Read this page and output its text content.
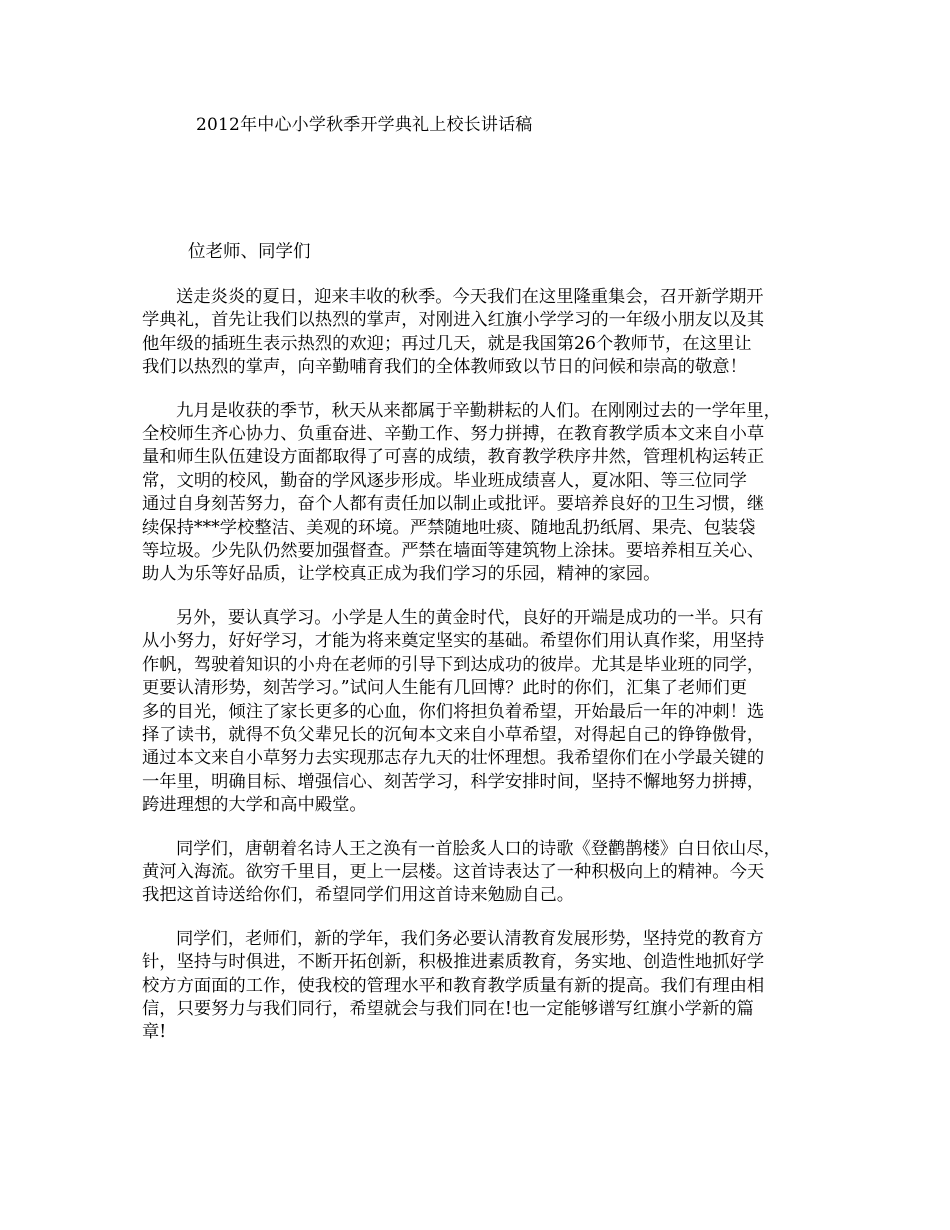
2012年中心小学秋季开学典礼上校长讲话稿
位老师、同学们
送走炎炎的夏日，迎来丰收的秋季。今天我们在这里隆重集会，召开新学期开
学典礼，首先让我们以热烈的掌声，对刚进入红旗小学学习的一年级小朋友以及其
他年级的插班生表示热烈的欢迎；再过几天，就是我国第26个教师节，在这里让
我们以热烈的掌声，向辛勤哺育我们的全体教师致以节日的问候和崇高的敬意！
九月是收获的季节，秋天从来都属于辛勤耕耘的人们。在刚刚过去的一学年里，
全校师生齐心协力、负重奋进、辛勤工作、努力拼搏，在教育教学质本文来自小草
量和师生队伍建设方面都取得了可喜的成绩，教育教学秩序井然，管理机构运转正
常，文明的校风，勤奋的学风逐步形成。毕业班成绩喜人，夏冰阳、等三位同学
通过自身刻苦努力，奋个人都有责任加以制止或批评。要培养良好的卫生习惯，继
续保持***学校整洁、美观的环境。严禁随地吐痰、随地乱扔纸屑、果壳、包装袋
等垃圾。少先队仍然要加强督查。严禁在墙面等建筑物上涂抹。要培养相互关心、
助人为乐等好品质，让学校真正成为我们学习的乐园，精神的家园。
另外，要认真学习。小学是人生的黄金时代，良好的开端是成功的一半。只有
从小努力，好好学习，才能为将来奠定坚实的基础。希望你们用认真作桨，用坚持
作帆，驾驶着知识的小舟在老师的引导下到达成功的彼岸。尤其是毕业班的同学，
更要认清形势，刻苦学习。”试问人生能有几回博？此时的你们，汇集了老师们更
多的目光，倾注了家长更多的心血，你们将担负着希望，开始最后一年的冲刺！选
择了读书，就得不负父辈兄长的沉甸本文来自小草希望，对得起自己的铮铮傲骨，
通过本文来自小草努力去实现那志存九天的壮怀理想。我希望你们在小学最关键的
一年里，明确目标、增强信心、刻苦学习，科学安排时间，坚持不懈地努力拼搏，
跨进理想的大学和高中殿堂。
同学们，唐朝着名诗人王之涣有一首脍炙人口的诗歌《登鹳鹊楼》白日依山尽，
黄河入海流。欲穷千里目，更上一层楼。这首诗表达了一种积极向上的精神。今天
我把这首诗送给你们，希望同学们用这首诗来勉励自己。
同学们，老师们，新的学年，我们务必要认清教育发展形势，坚持党的教育方
针，坚持与时俱进，不断开拓创新，积极推进素质教育，务实地、创造性地抓好学
校方方面面的工作，使我校的管理水平和教育教学质量有新的提高。我们有理由相
信，只要努力与我们同行，希望就会与我们同在!也一定能够谱写红旗小学新的篇
章!
